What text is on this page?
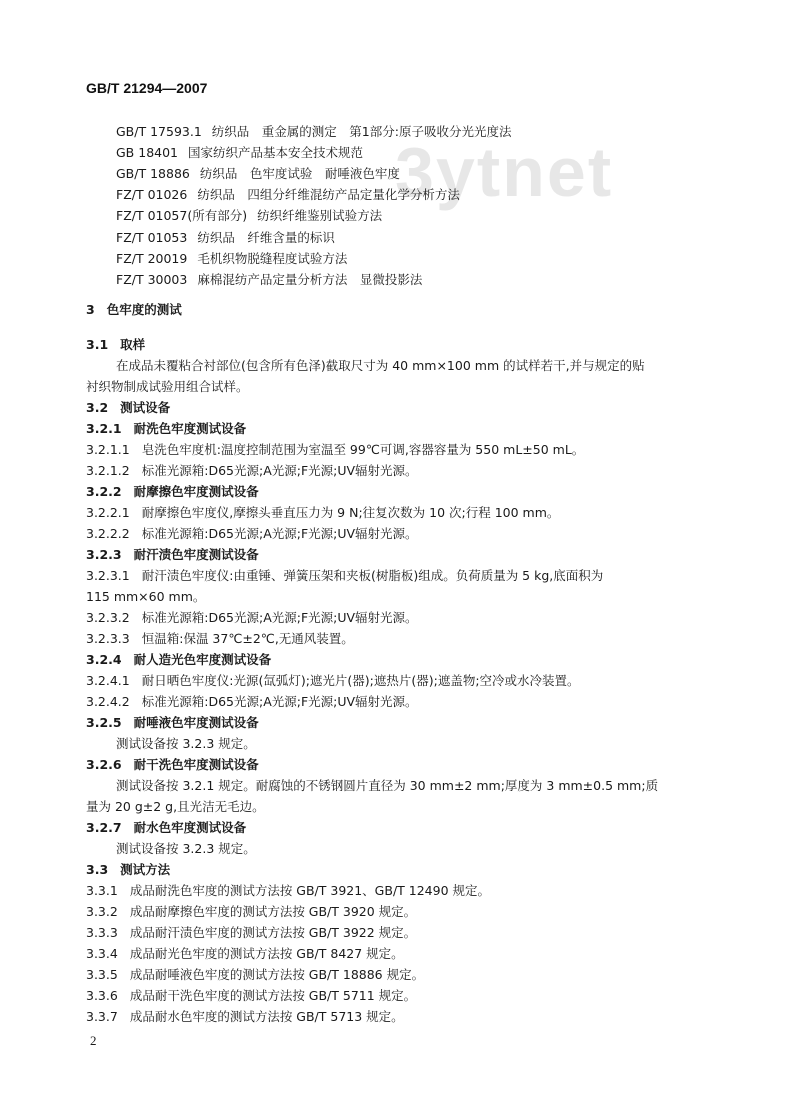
3ytnet
GB/T 21294—2007
GB/T 17593.1 纺织品　重金属的测定　第1部分:原子吸收分光光度法
GB 18401 国家纺织产品基本安全技术规范
GB/T 18886 纺织品　色牢度试验　耐唾液色牢度
FZ/T 01026 纺织品　四组分纤维混纺产品定量化学分析方法
FZ/T 01057(所有部分) 纺织纤维鉴别试验方法
FZ/T 01053 纺织品　纤维含量的标识
FZ/T 20019 毛机织物脱缝程度试验方法
FZ/T 30003 麻棉混纺产品定量分析方法　显微投影法
3 色牢度的测试
3.1 取样
在成品未覆粘合衬部位(包含所有色泽)截取尺寸为 40 mm×100 mm 的试样若干,并与规定的贴
衬织物制成试验用组合试样。
3.2 测试设备
3.2.1 耐洗色牢度测试设备
3.2.1.1 皂洗色牢度机:温度控制范围为室温至 99℃可调,容器容量为 550 mL±50 mL。
3.2.1.2 标准光源箱:D65光源;A光源;F光源;UV辐射光源。
3.2.2 耐摩擦色牢度测试设备
3.2.2.1 耐摩擦色牢度仪,摩擦头垂直压力为 9 N;往复次数为 10 次;行程 100 mm。
3.2.2.2 标准光源箱:D65光源;A光源;F光源;UV辐射光源。
3.2.3 耐汗渍色牢度测试设备
3.2.3.1 耐汗渍色牢度仪:由重锤、弹簧压架和夹板(树脂板)组成。负荷质量为 5 kg,底面积为
115 mm×60 mm。
3.2.3.2 标准光源箱:D65光源;A光源;F光源;UV辐射光源。
3.2.3.3 恒温箱:保温 37℃±2℃,无通风装置。
3.2.4 耐人造光色牢度测试设备
3.2.4.1 耐日晒色牢度仪:光源(氙弧灯);遮光片(器);遮热片(器);遮盖物;空冷或水冷装置。
3.2.4.2 标准光源箱:D65光源;A光源;F光源;UV辐射光源。
3.2.5 耐唾液色牢度测试设备
测试设备按 3.2.3 规定。
3.2.6 耐干洗色牢度测试设备
测试设备按 3.2.1 规定。耐腐蚀的不锈钢圆片直径为 30 mm±2 mm;厚度为 3 mm±0.5 mm;质
量为 20 g±2 g,且光洁无毛边。
3.2.7 耐水色牢度测试设备
测试设备按 3.2.3 规定。
3.3 测试方法
3.3.1 成品耐洗色牢度的测试方法按 GB/T 3921、GB/T 12490 规定。
3.3.2 成品耐摩擦色牢度的测试方法按 GB/T 3920 规定。
3.3.3 成品耐汗渍色牢度的测试方法按 GB/T 3922 规定。
3.3.4 成品耐光色牢度的测试方法按 GB/T 8427 规定。
3.3.5 成品耐唾液色牢度的测试方法按 GB/T 18886 规定。
3.3.6 成品耐干洗色牢度的测试方法按 GB/T 5711 规定。
3.3.7 成品耐水色牢度的测试方法按 GB/T 5713 规定。
2
